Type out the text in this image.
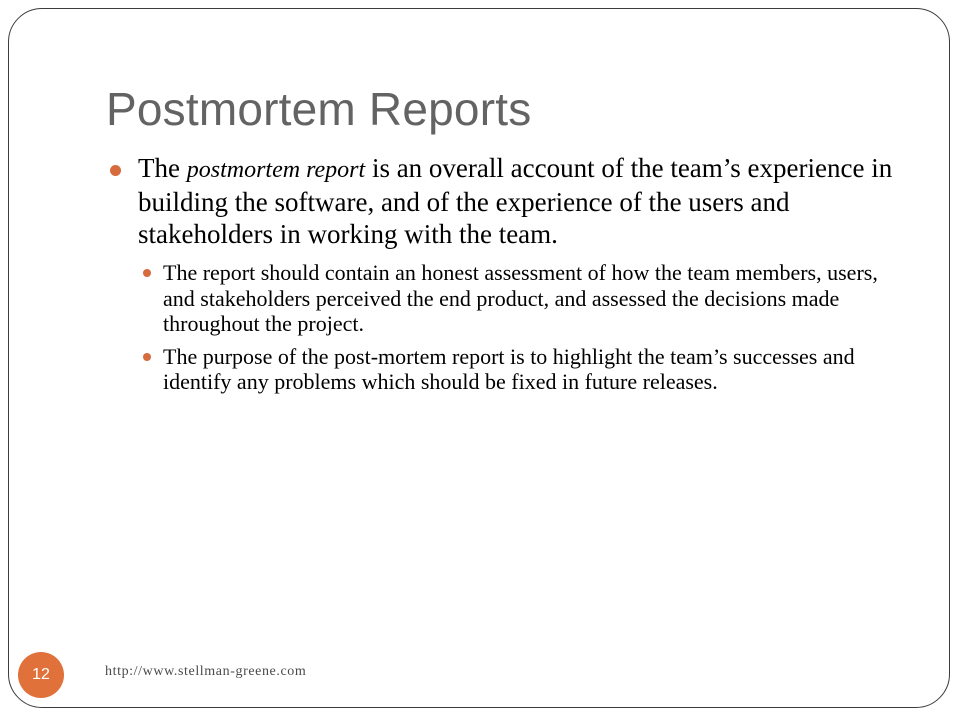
Postmortem Reports

The postmortem report is an overall account of the team’s experience in building the software, and of the experience of the users and stakeholders in working with the team.

The report should contain an honest assessment of how the team members, users, and stakeholders perceived the end product, and assessed the decisions made throughout the project.

The purpose of the post-mortem report is to highlight the team’s successes and identify any problems which should be fixed in future releases.

12	http://www.stellman-greene.com
